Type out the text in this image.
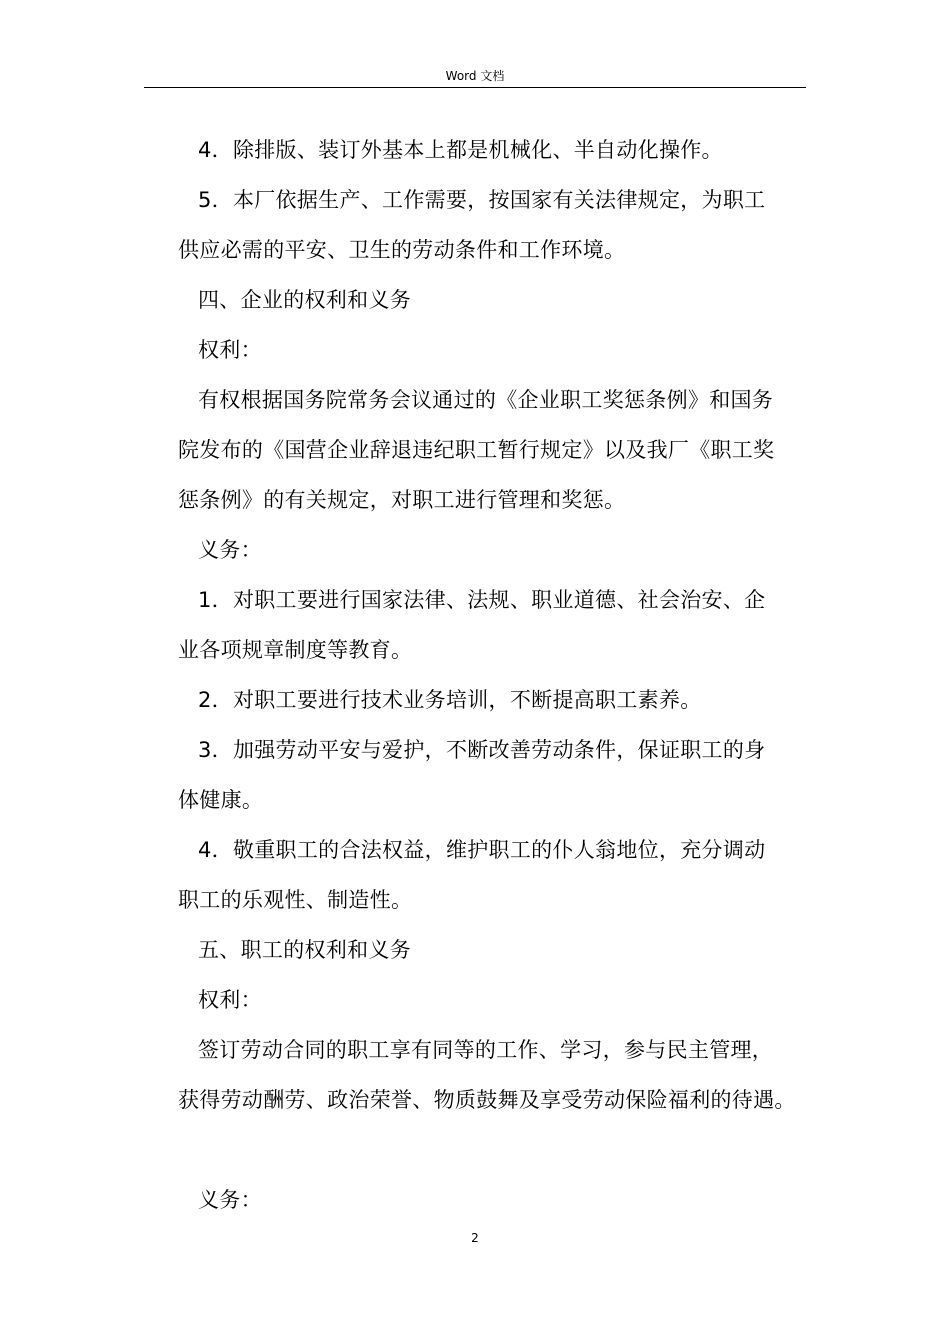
Word 文档
4．除排版、装订外基本上都是机械化、半自动化操作。
5．本厂依据生产、工作需要，按国家有关法律规定，为职工
供应必需的平安、卫生的劳动条件和工作环境。
四、企业的权利和义务
权利：
有权根据国务院常务会议通过的《企业职工奖惩条例》和国务
院发布的《国营企业辞退违纪职工暂行规定》以及我厂《职工奖
惩条例》的有关规定，对职工进行管理和奖惩。
义务：
1．对职工要进行国家法律、法规、职业道德、社会治安、企
业各项规章制度等教育。
2．对职工要进行技术业务培训，不断提高职工素养。
3．加强劳动平安与爱护，不断改善劳动条件，保证职工的身
体健康。
4．敬重职工的合法权益，维护职工的仆人翁地位，充分调动
职工的乐观性、制造性。
五、职工的权利和义务
权利：
签订劳动合同的职工享有同等的工作、学习，参与民主管理，
获得劳动酬劳、政治荣誉、物质鼓舞及享受劳动保险福利的待遇。
义务：
2
